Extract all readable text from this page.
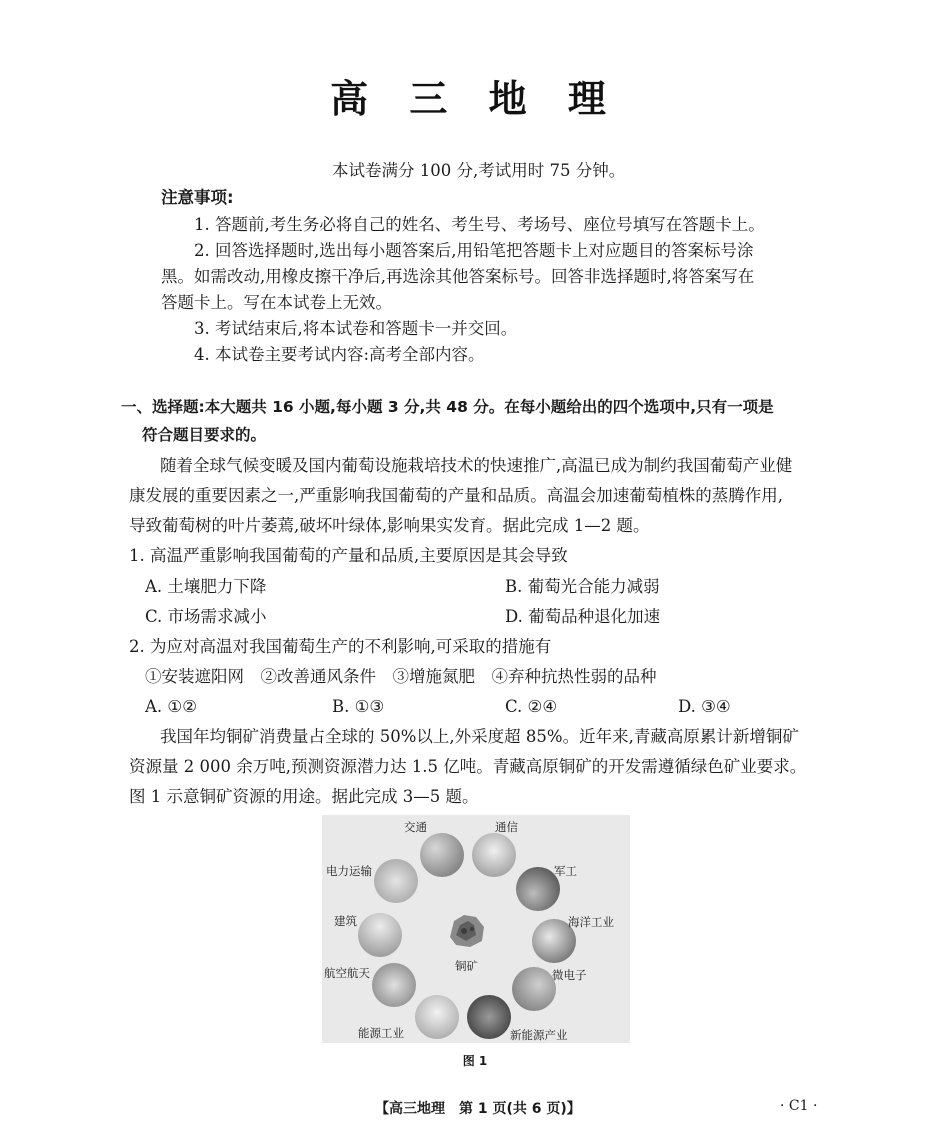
高 三 地 理
本试卷满分 100 分,考试用时 75 分钟。
注意事项:
1. 答题前,考生务必将自己的姓名、考生号、考场号、座位号填写在答题卡上。
2. 回答选择题时,选出每小题答案后,用铅笔把答题卡上对应题目的答案标号涂
黑。如需改动,用橡皮擦干净后,再选涂其他答案标号。回答非选择题时,将答案写在
答题卡上。写在本试卷上无效。
3. 考试结束后,将本试卷和答题卡一并交回。
4. 本试卷主要考试内容:高考全部内容。
一、选择题:本大题共 16 小题,每小题 3 分,共 48 分。在每小题给出的四个选项中,只有一项是
符合题目要求的。
随着全球气候变暖及国内葡萄设施栽培技术的快速推广,高温已成为制约我国葡萄产业健
康发展的重要因素之一,严重影响我国葡萄的产量和品质。高温会加速葡萄植株的蒸腾作用,
导致葡萄树的叶片萎蔫,破坏叶绿体,影响果实发育。据此完成 1—2 题。
1. 高温严重影响我国葡萄的产量和品质,主要原因是其会导致
A. 土壤肥力下降	B. 葡萄光合能力减弱
C. 市场需求减小	D. 葡萄品种退化加速
2. 为应对高温对我国葡萄生产的不利影响,可采取的措施有
①安装遮阳网　②改善通风条件　③增施氮肥　④弃种抗热性弱的品种
A. ①②	B. ①③	C. ②④	D. ③④
我国年均铜矿消费量占全球的 50%以上,外采度超 85%。近年来,青藏高原累计新增铜矿
资源量 2 000 余万吨,预测资源潜力达 1.5 亿吨。青藏高原铜矿的开发需遵循绿色矿业要求。
图 1 示意铜矿资源的用途。据此完成 3—5 题。
铜矿
交通	通信
军工
海洋工业
微电子
新能源产业
能源工业
航空航天
建筑
电力运输
图 1
【高三地理　第 1 页(共 6 页)】	· C1 ·
